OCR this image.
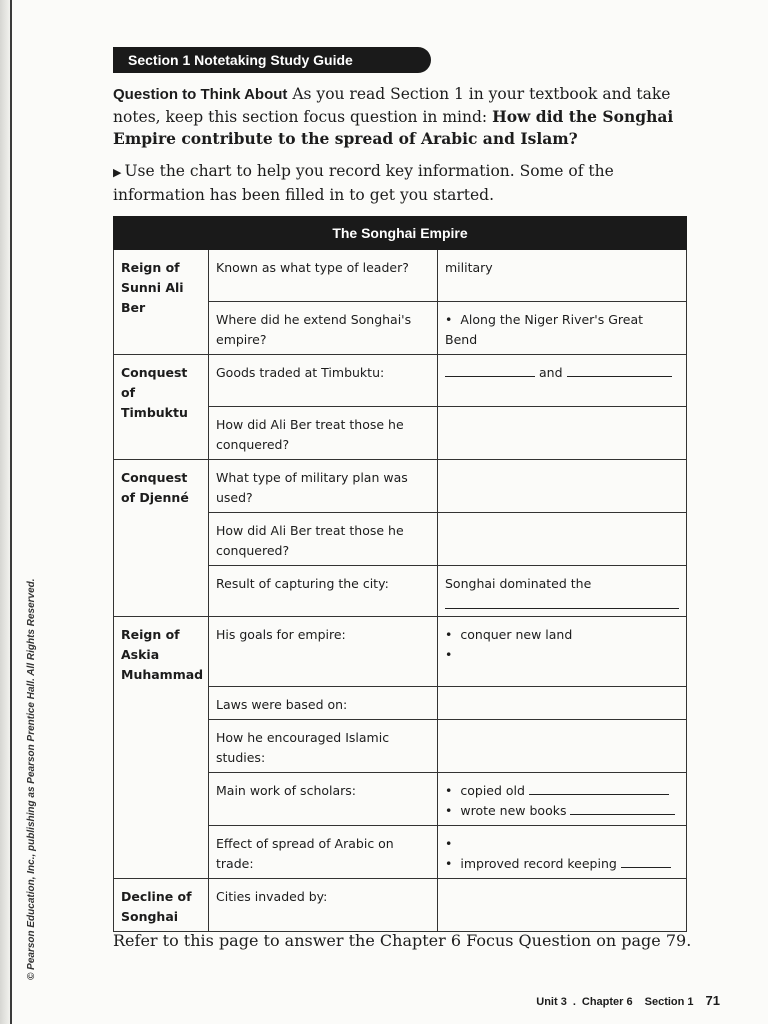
© Pearson Education, Inc., publishing as Pearson Prentice Hall. All Rights Reserved.
Section 1 Notetaking Study Guide
Question to Think About As you read Section 1 in your textbook and take notes, keep this section focus question in mind: How did the Songhai Empire contribute to the spread of Arabic and Islam?
▶ Use the chart to help you record key information. Some of the information has been filled in to get you started.
The Songhai Empire		
Reign of Sunni Ali Ber	Known as what type of leader?	military
	Where did he extend Songhai's empire?	• Along the Niger River's Great Bend

Conquest of Timbuktu	Goods traded at Timbuktu:	and
	How did Ali Ber treat those he conquered?	
Conquest of Djenné	What type of military plan was used?	
	How did Ali Ber treat those he conquered?	
	Result of capturing the city:	Songhai dominated the

Reign of Askia Muhammad	His goals for empire:	• conquer new land
•

	Laws were based on:	
	How he encouraged Islamic studies:	
	Main work of scholars:	• copied old
• wrote new books

	Effect of spread of Arabic on trade:	
•
•improved record keeping

Decline of Songhai	Cities invaded by:	
Refer to this page to answer the Chapter 6 Focus Question on page 79.
Unit 3 . Chapter 6 Section 1 71
